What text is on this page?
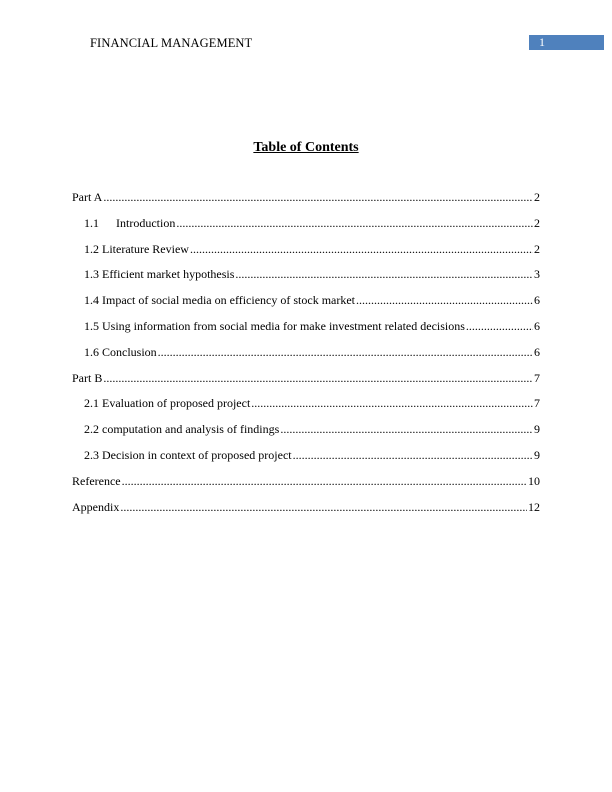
FINANCIAL MANAGEMENT	1
Table of Contents
Part A .....	2
1.1	Introduction .....	2
1.2 Literature Review .....	2
1.3 Efficient market hypothesis .....	3
1.4 Impact of social media on efficiency of stock market .....	6
1.5 Using information from social media for make investment related decisions .....	6
1.6 Conclusion .....	6
Part B .....	7
2.1 Evaluation of proposed project .....	7
2.2 computation and analysis of findings .....	9
2.3 Decision in context of proposed project .....	9
Reference .....	10
Appendix .....	12
